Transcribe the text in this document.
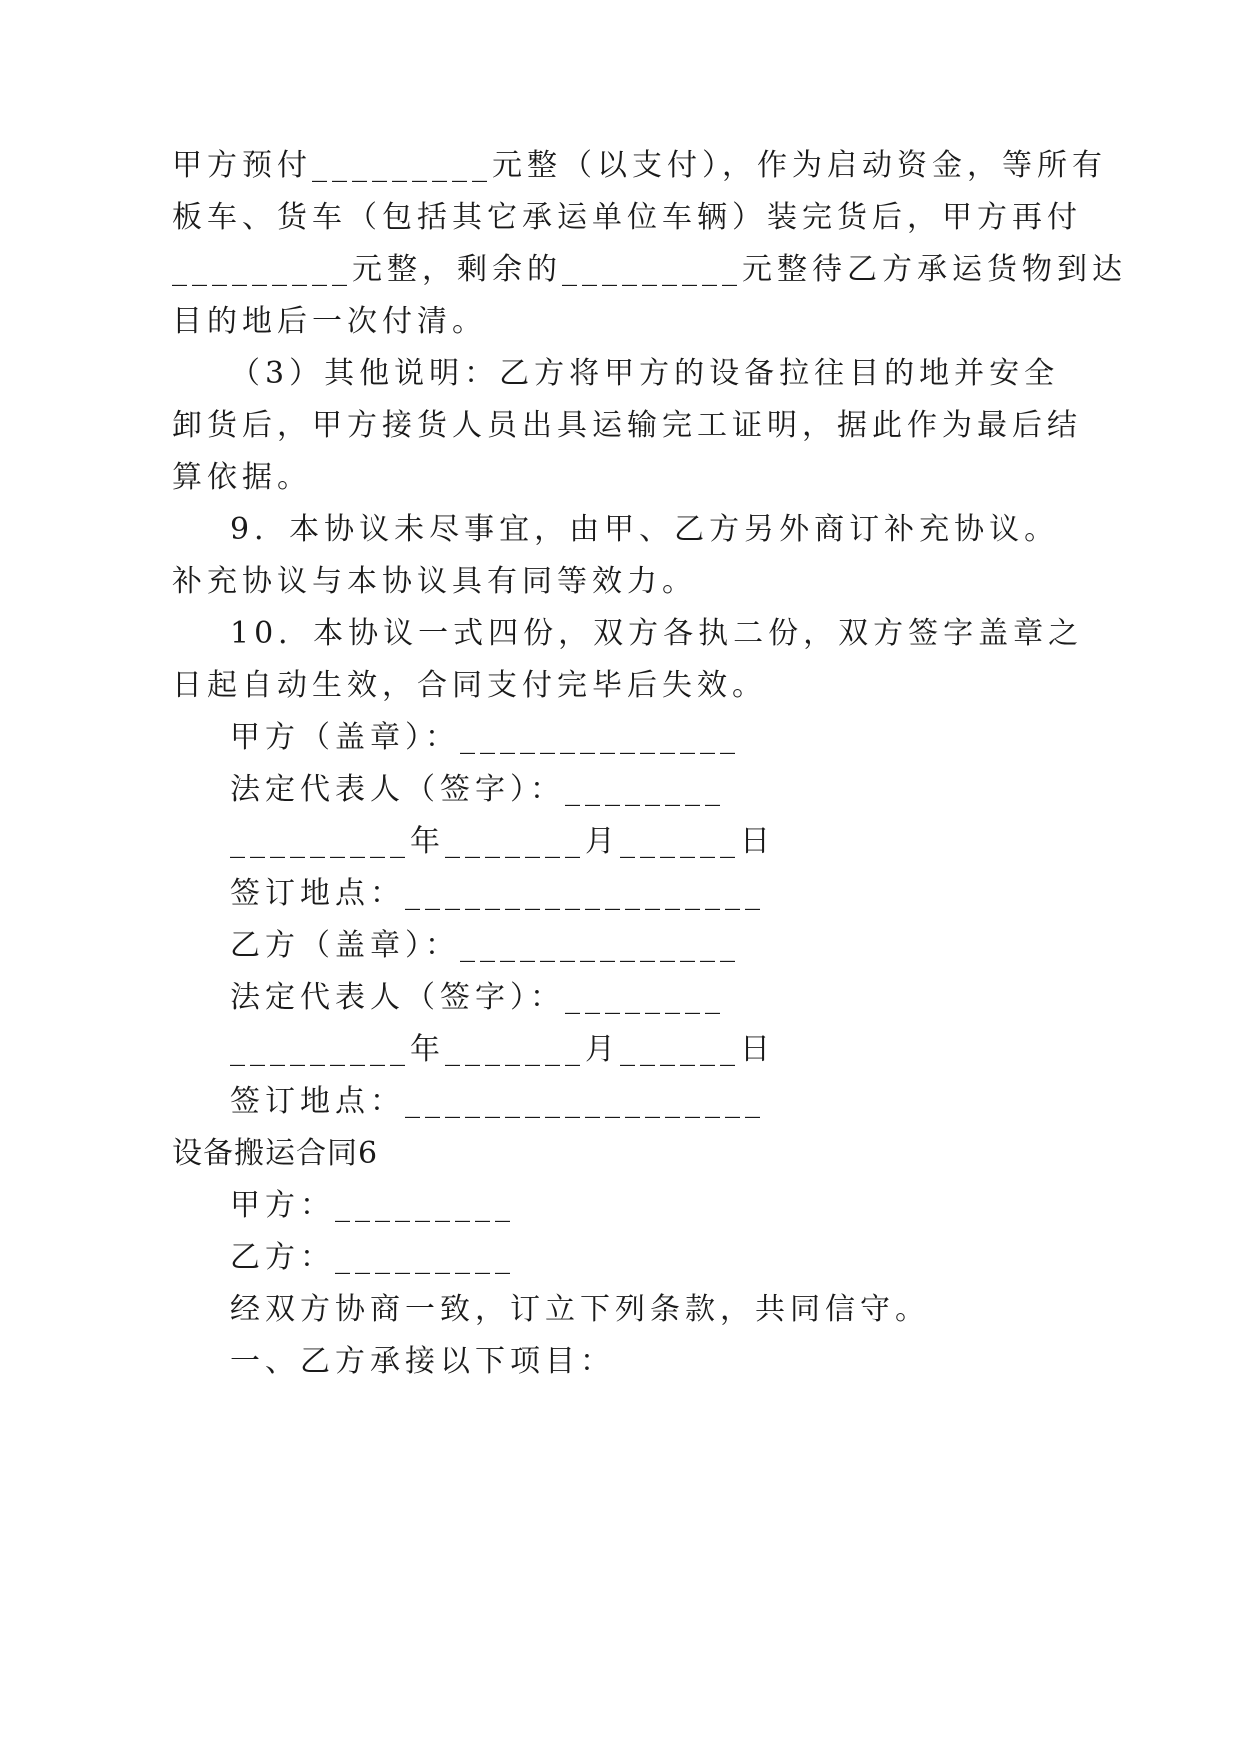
甲方预付_________元整（以支付），作为启动资金，等所有
板车、货车（包括其它承运单位车辆）装完货后，甲方再付
_________元整，剩余的_________元整待乙方承运货物到达
目的地后一次付清。
（3）其他说明：乙方将甲方的设备拉往目的地并安全
卸货后，甲方接货人员出具运输完工证明，据此作为最后结
算依据。
9．本协议未尽事宜，由甲、乙方另外商订补充协议。
补充协议与本协议具有同等效力。
10．本协议一式四份，双方各执二份，双方签字盖章之
日起自动生效，合同支付完毕后失效。
甲方（盖章）：______________
法定代表人（签字）：________
_________年_______月______日
签订地点：__________________
乙方（盖章）：______________
法定代表人（签字）：________
_________年_______月______日
签订地点：__________________
设备搬运合同6
甲方：_________
乙方：_________
经双方协商一致，订立下列条款，共同信守。
一、乙方承接以下项目：
